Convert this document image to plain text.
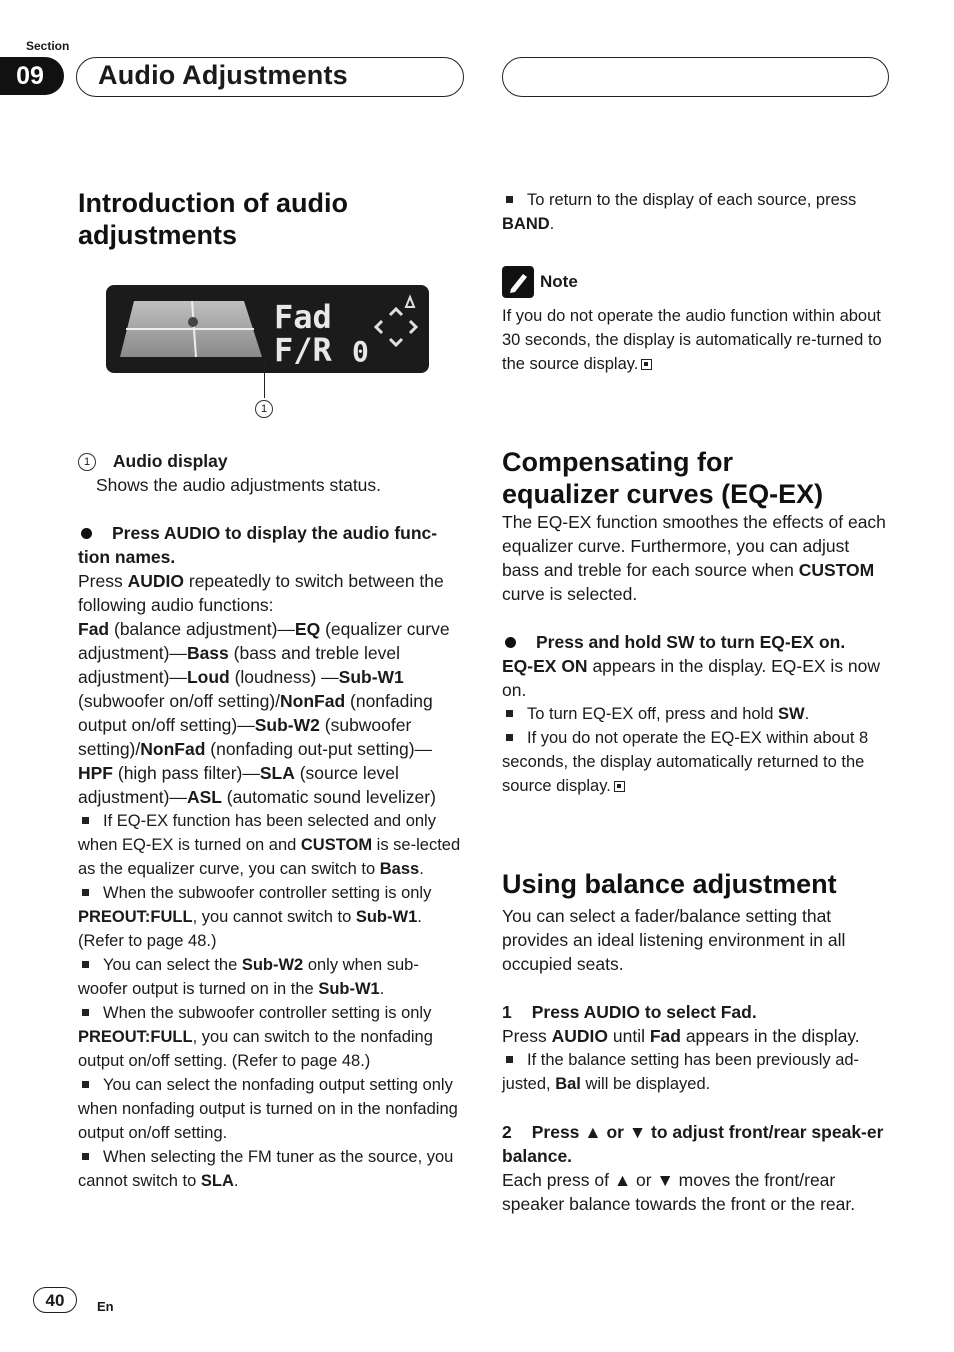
Section
09	Audio Adjustments
Introduction of audio
adjustments
Fad
F/R 0
1

1 Audio display

Shows the audio adjustments status.

Press AUDIO to display the audio func-
tion names.

Press AUDIO repeatedly to switch between the following audio functions:
Fad (balance adjustment)—EQ (equalizer curve adjustment)—Bass (bass and treble level adjustment)—Loud (loudness) —Sub-W1 (subwoofer on/off setting)/NonFad (nonfading output on/off setting)—Sub-W2 (subwoofer setting)/NonFad (nonfading out-put setting)—HPF (high pass filter)—SLA (source level adjustment)—ASL (automatic sound levelizer)

If EQ-EX function has been selected and only when EQ-EX is turned on and CUSTOM is se-lected as the equalizer curve, you can switch to Bass.

When the subwoofer controller setting is only PREOUT:FULL, you cannot switch to Sub-W1. (Refer to page 48.)

You can select the Sub-W2 only when sub-woofer output is turned on in the Sub-W1.

When the subwoofer controller setting is only PREOUT:FULL, you can switch to the nonfading output on/off setting. (Refer to page 48.)

You can select the nonfading output setting only when nonfading output is turned on in the nonfading output on/off setting.

When selecting the FM tuner as the source, you cannot switch to SLA.

To return to the display of each source, press BAND.

Note

If you do not operate the audio function within about 30 seconds, the display is automatically re-turned to the source display.

Compensating for
equalizer curves (EQ-EX)

The EQ-EX function smoothes the effects of each equalizer curve. Furthermore, you can adjust bass and treble for each source when CUSTOM curve is selected.

Press and hold SW to turn EQ-EX on.

EQ-EX ON appears in the display. EQ-EX is now on.

To turn EQ-EX off, press and hold SW.

If you do not operate the EQ-EX within about 8 seconds, the display automatically returned to the source display.

Using balance adjustment

You can select a fader/balance setting that provides an ideal listening environment in all occupied seats.

1 Press AUDIO to select Fad.

Press AUDIO until Fad appears in the display.

If the balance setting has been previously ad-justed, Bal will be displayed.

2 Press ▲ or ▼ to adjust front/rear speak-er balance.

Each press of ▲ or ▼ moves the front/rear speaker balance towards the front or the rear.

40	En
